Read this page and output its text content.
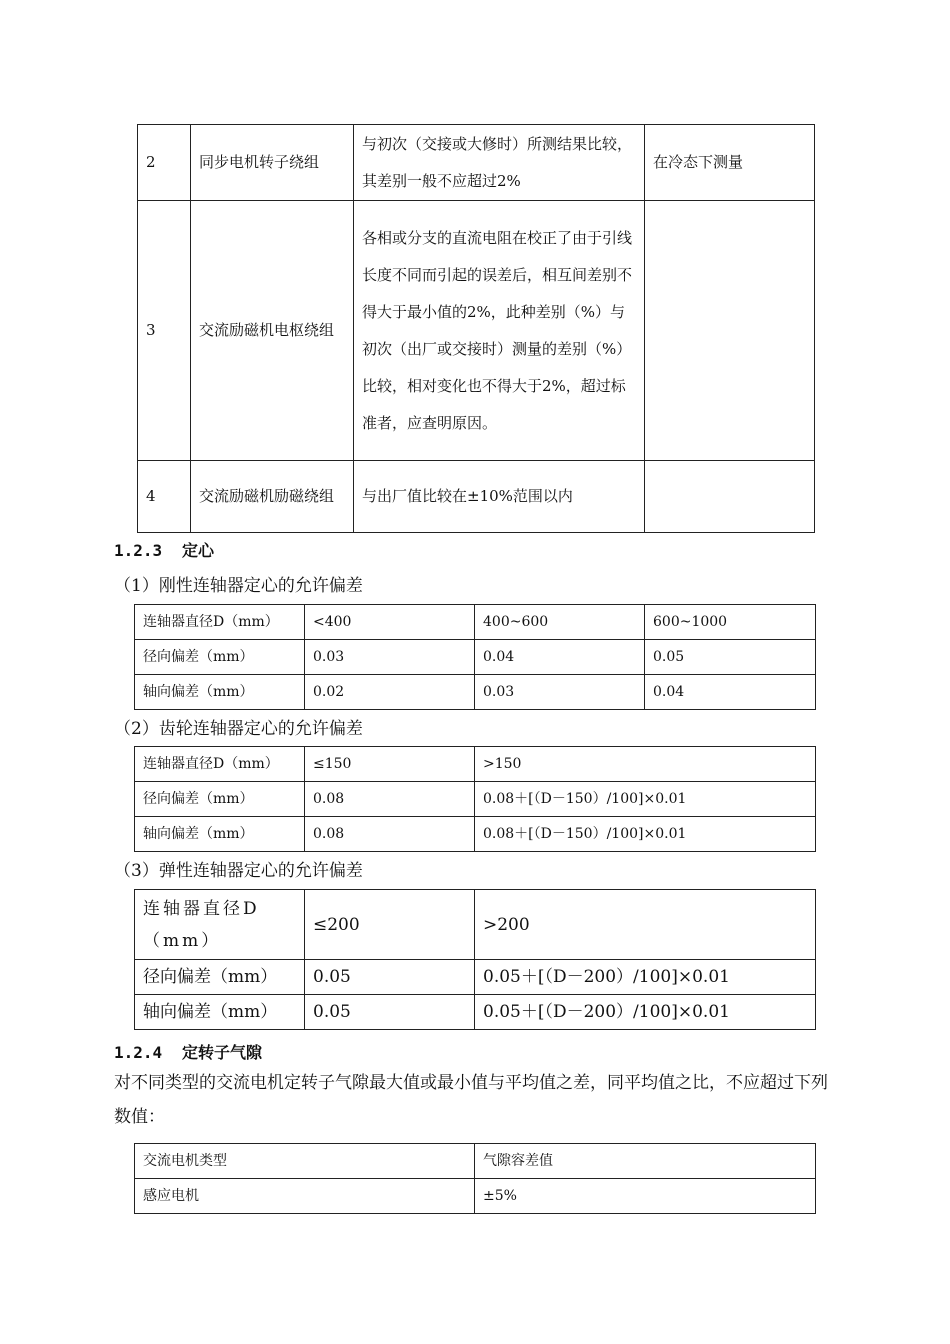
2	同步电机转子绕组	与初次（交接或大修时）所测结果比较，其差别一般不应超过2%	在冷态下测量
3	交流励磁机电枢绕组	各相或分支的直流电阻在校正了由于引线长度不同而引起的误差后，相互间差别不得大于最小值的2%，此种差别（%）与初次（出厂或交接时）测量的差别（%）比较，相对变化也不得大于2%，超过标准者，应查明原因。	
4	交流励磁机励磁绕组	与出厂值比较在±10%范围以内	
1.2.3 定心
（1）刚性连轴器定心的允许偏差
连轴器直径D（mm）	<400	400~600	600~1000
径向偏差（mm）	0.03	0.04	0.05
轴向偏差（mm）	0.02	0.03	0.04
（2）齿轮连轴器定心的允许偏差
连轴器直径D（mm）	≤150	>150
径向偏差（mm）	0.08	0.08＋[（D－150）/100]×0.01
轴向偏差（mm）	0.08	0.08＋[（D－150）/100]×0.01
（3）弹性连轴器定心的允许偏差
连轴器直径D（mm）	≤200	>200
径向偏差（mm）	0.05	0.05＋[（D－200）/100]×0.01
轴向偏差（mm）	0.05	0.05＋[（D－200）/100]×0.01
1.2.4 定转子气隙
对不同类型的交流电机定转子气隙最大值或最小值与平均值之差，同平均值之比，不应超过下列数值：
交流电机类型	气隙容差值
感应电机	±5%
